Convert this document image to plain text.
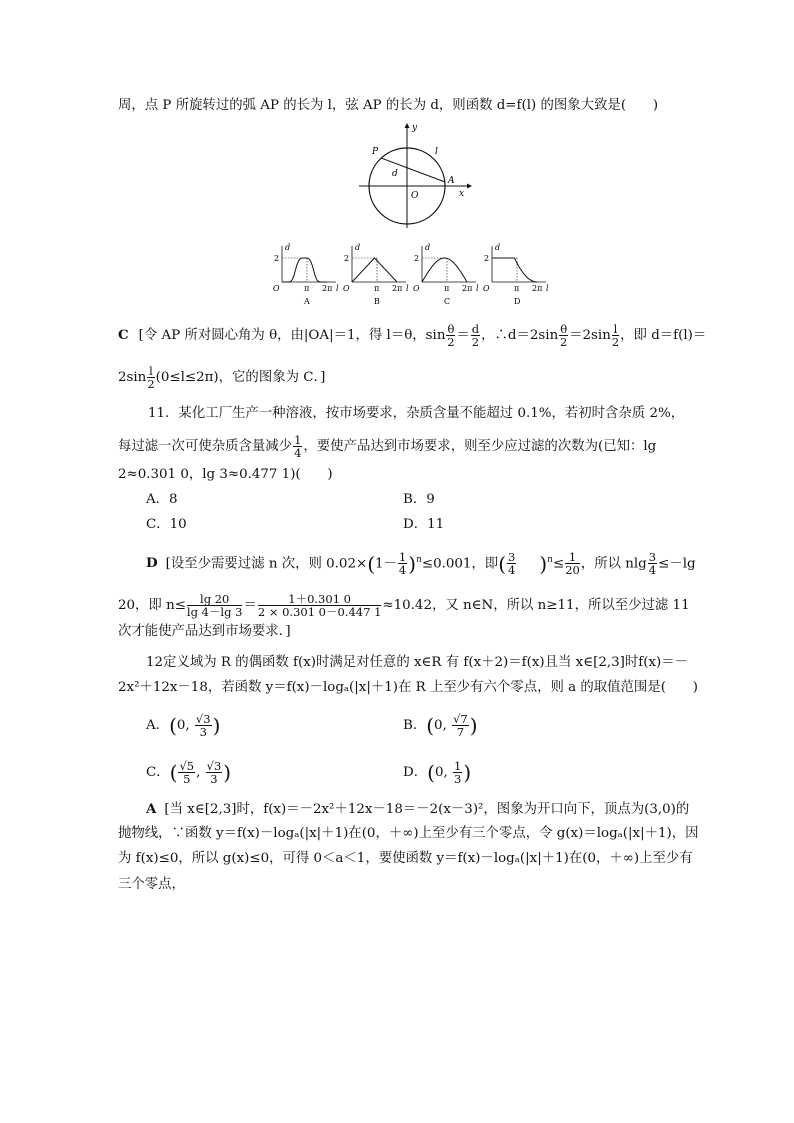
周，点 P 所旋转过的弧 AP 的长为 l，弦 AP 的长为 d，则函数 d=f(l) 的图象大致是(　　)
y
x
O
P
A
l
d
d
2
O	π 2π l
A
d
2
O	π 2π l
B
d
2
O	π 2π l
C
d
2
O	π 2π l
D
C [令 AP 所对圆心角为 θ，由|OA|＝1，得 l＝θ，$\sin \frac{\theta}{2} = \frac{d}{2}$ ，∴d＝2sin $\frac{\theta}{2} =2\sin \frac{l}{2}$ ，即 d＝f(l)＝
$2\sin \frac{l}{2} (0\le l\le 2\pi)$，它的图象为 C．]
11．某化工厂生产一种溶液，按市场要求，杂质含量不能超过 0.1%，若初时含杂质 2%，
每过滤一次可使杂质含量减少 $\frac{1}{4}$ ，要使产品达到市场要求，则至少应过滤的次数为(已知：lg
2≈0.301 0，lg 3≈0.477 1)(　　)
A．8	B．9
C．10	D．11
D [设至少需要过滤 n 次，则 $0.02\times(1- \frac{1}{4} )^n\le 0.001$，即( $\frac{3}{4} )^n\le \frac{1}{20}$ ，所以 nlg $\frac{3}{4} \le-\lg$
20，即 $n\le \frac{\lg 20}{\lg 4-\lg 3} = \frac{1+0.301 0}{2 \times 0.301 0-0.447 1} \approx 10.42$，又 n∈N，所以 n≥11，所以至少过滤 11
次才能使产品达到市场要求．]
12定义域为 R 的偶函数 f(x)时满足对任意的 x∈R 有 f(x＋2)＝f(x)且当 x∈[2,3]时f(x)＝－
2x²＋12x－18，若函数 y＝f(x)－logₐ(|x|＋1)在 R 上至少有六个零点，则 a 的取值范围是(　　)
A．(0, $\frac{√3}{3}$ )	B．(0, $\frac{√7}{7}$ )
C．( $\frac{√5}{5}$ , $\frac{√3}{3}$ )	D．(0, $\frac{1}{3}$ )
A [当 x∈[2,3]时，f(x)＝－2x²＋12x－18＝－2(x－3)²，图象为开口向下，顶点为(3,0)的
抛物线，∵函数 y＝f(x)－logₐ(|x|＋1)在(0，＋∞)上至少有三个零点，令 g(x)＝logₐ(|x|＋1)，因
为 f(x)≤0，所以 g(x)≤0，可得 0＜a＜1，要使函数 y＝f(x)－logₐ(|x|＋1)在(0，＋∞)上至少有
三个零点，
